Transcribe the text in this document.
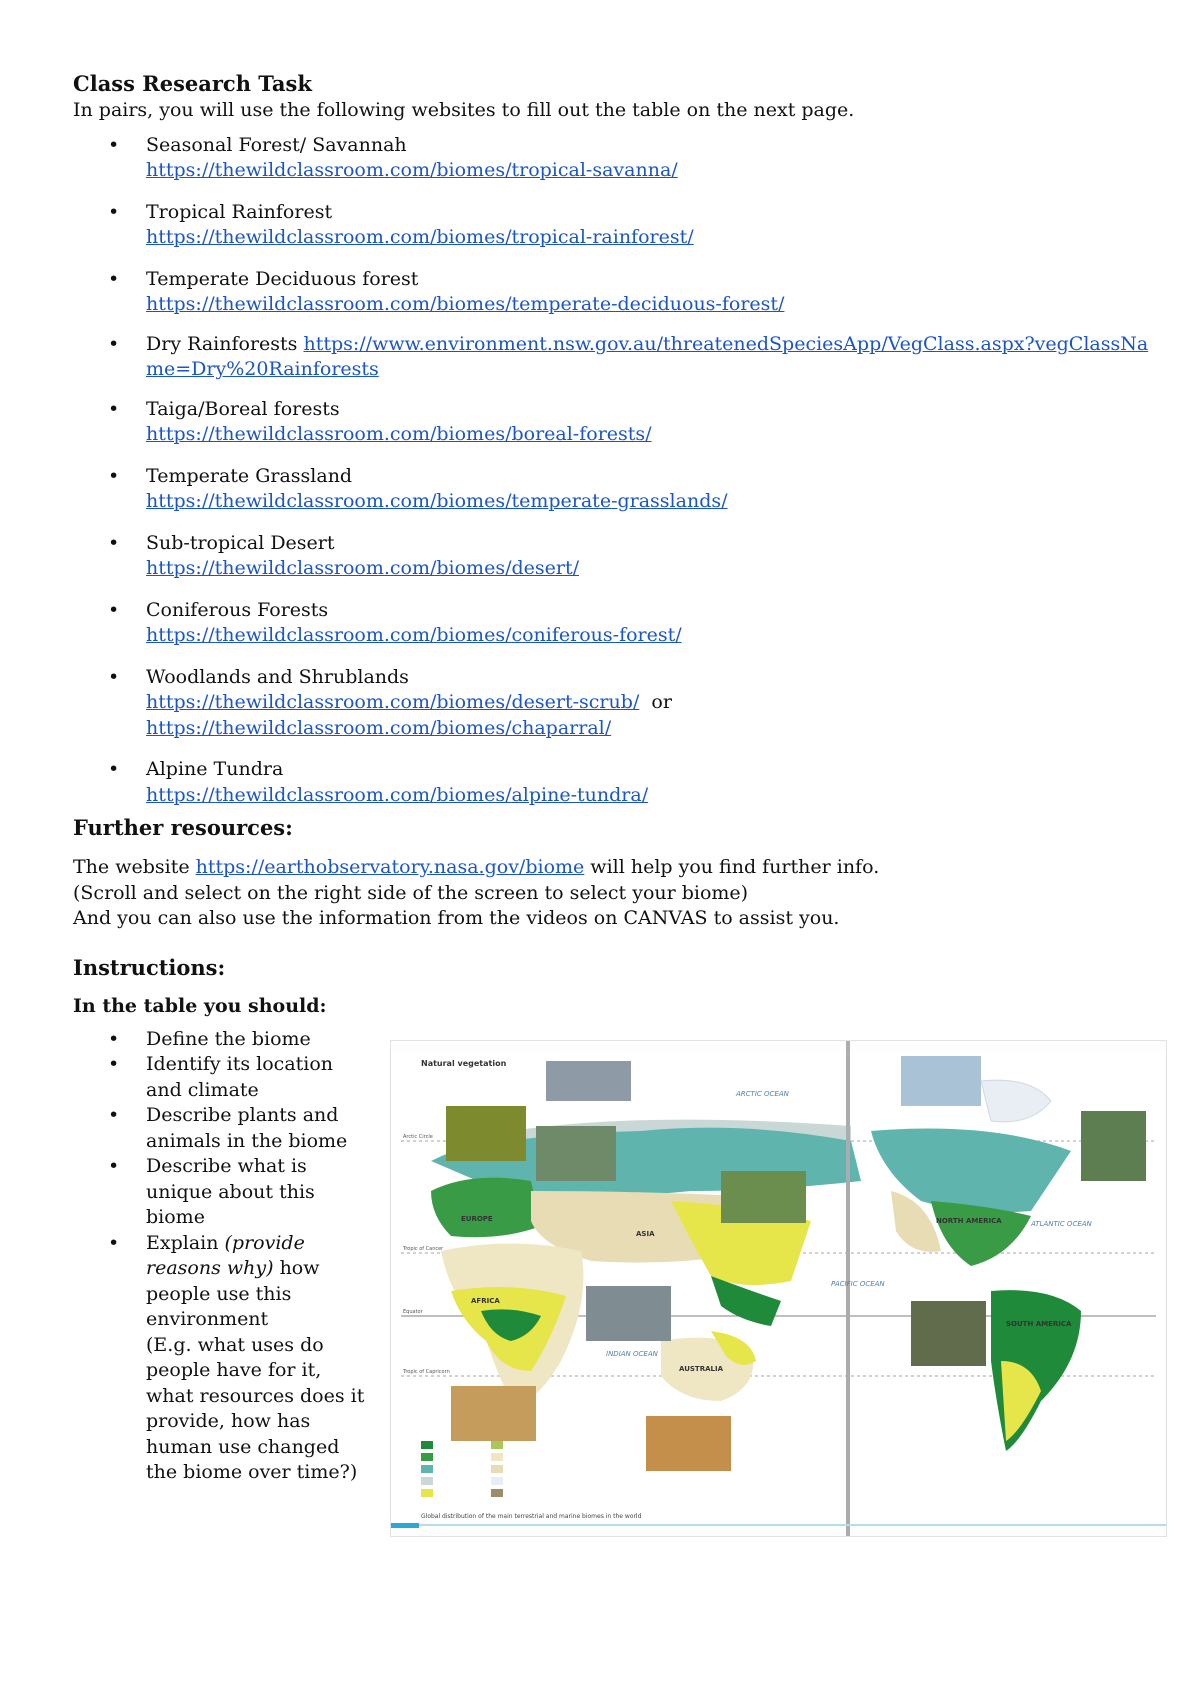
Class Research Task

In pairs, you will use the following websites to fill out the table on the next page.

• Seasonal Forest/ Savannah
https://thewildclassroom.com/biomes/tropical-savanna/
• Tropical Rainforest
https://thewildclassroom.com/biomes/tropical-rainforest/
• Temperate Deciduous forest
https://thewildclassroom.com/biomes/temperate-deciduous-forest/
• Dry Rainforests https://www.environment.nsw.gov.au/threatenedSpeciesApp/VegClass.aspx?vegClassName=Dry%20Rainforests
• Taiga/Boreal forests
https://thewildclassroom.com/biomes/boreal-forests/
• Temperate Grassland
https://thewildclassroom.com/biomes/temperate-grasslands/
• Sub-tropical Desert
https://thewildclassroom.com/biomes/desert/
• Coniferous Forests
https://thewildclassroom.com/biomes/coniferous-forest/
• Woodlands and Shrublands
https://thewildclassroom.com/biomes/desert-scrub/ or
https://thewildclassroom.com/biomes/chaparral/
• Alpine Tundra
https://thewildclassroom.com/biomes/alpine-tundra/
Further resources:
The website https://earthobservatory.nasa.gov/biome will help you find further info.
(Scroll and select on the right side of the screen to select your biome)
And you can also use the information from the videos on CANVAS to assist you.
Instructions:
In the table you should:
• Define the biome
• Identify its location and climate
• Describe plants and animals in the biome
• Describe what is unique about this biome
• Explain (provide reasons why) how people use this environment
(E.g. what uses do people have for it, what resources does it provide, how has human use changed the biome over time?)
Natural vegetation
EUROPE
ASIA
AFRICA
AUSTRALIA
NORTH AMERICA
SOUTH AMERICA
ARCTIC OCEAN
ATLANTIC OCEAN
PACIFIC OCEAN
INDIAN OCEAN
Arctic Circle
Tropic of Cancer
Equator
Tropic of Capricorn
Global distribution of the main terrestrial and marine biomes in the world
